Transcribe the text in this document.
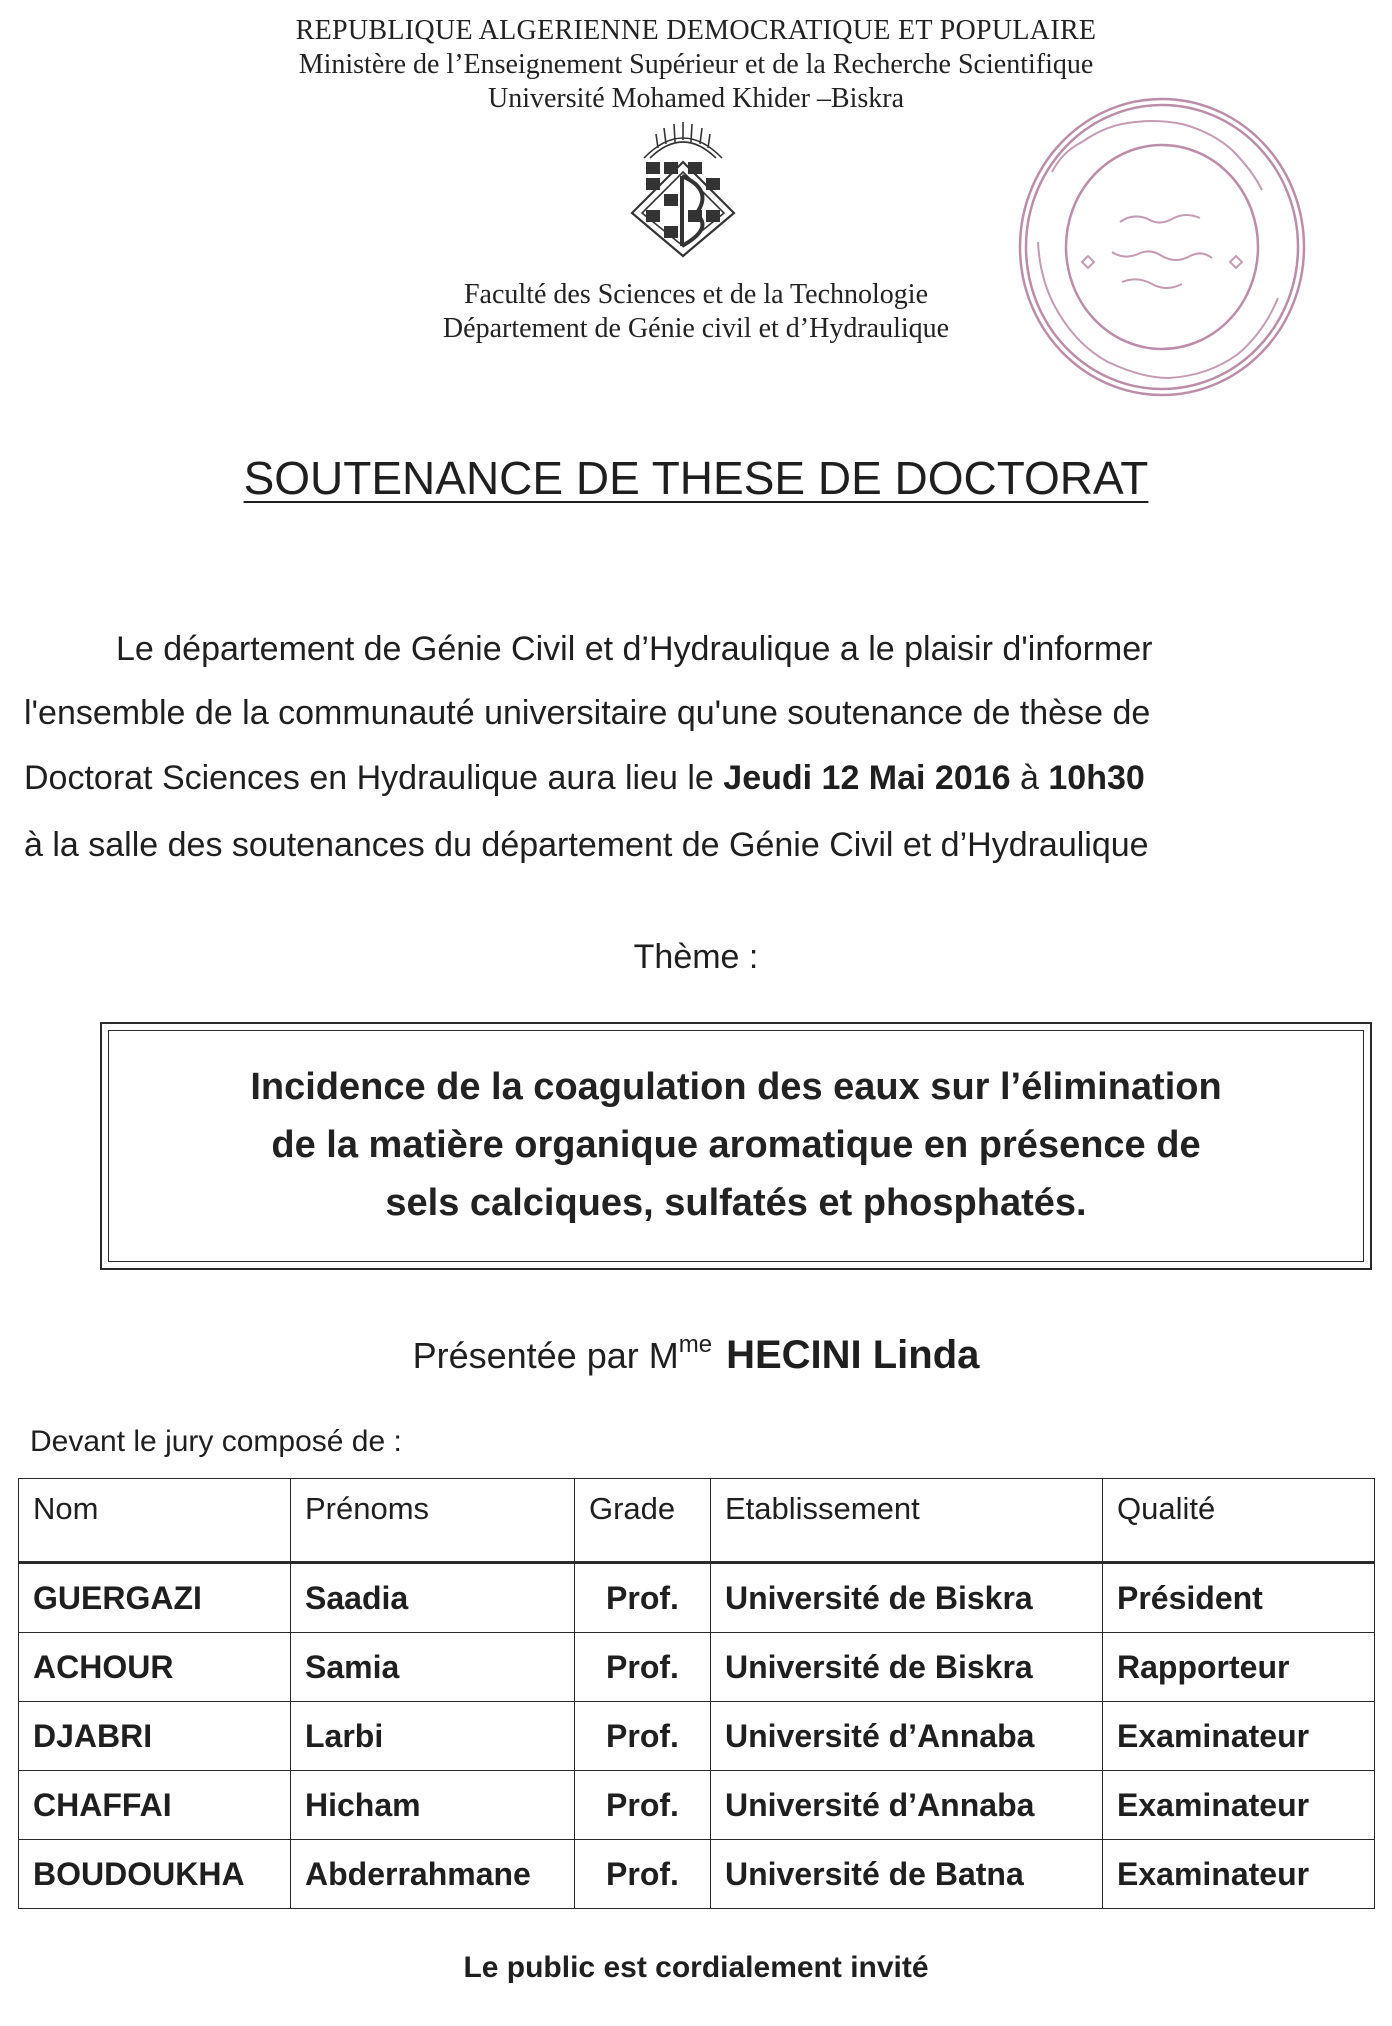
REPUBLIQUE ALGERIENNE DEMOCRATIQUE ET POPULAIRE
Ministère de l’Enseignement Supérieur et de la Recherche Scientifique
Université Mohamed Khider –Biskra
Faculté des Sciences et de la Technologie
Département de Génie civil et d’Hydraulique
SOUTENANCE DE THESE DE DOCTORAT
Le département de Génie Civil et d’Hydraulique a le plaisir d'informer
l'ensemble de la communauté universitaire qu'une soutenance de thèse de
Doctorat Sciences en Hydraulique aura lieu le Jeudi 12 Mai 2016 à 10h30
à la salle des soutenances du département de Génie Civil et d’Hydraulique
Thème :
Incidence de la coagulation des eaux sur l’élimination
de la matière organique aromatique en présence de
sels calciques, sulfatés et phosphatés.
Présentée par $M^{me}$ HECINI Linda
Devant le jury composé de :
Nom	Prénoms	Grade	Etablissement	Qualité
GUERGAZI	Saadia	Prof.	Université de Biskra	Président
ACHOUR	Samia	Prof.	Université de Biskra	Rapporteur
DJABRI	Larbi	Prof.	Université d’Annaba	Examinateur
CHAFFAI	Hicham	Prof.	Université d’Annaba	Examinateur
BOUDOUKHA	Abderrahmane	Prof.	Université de Batna	Examinateur
Le public est cordialement invité
